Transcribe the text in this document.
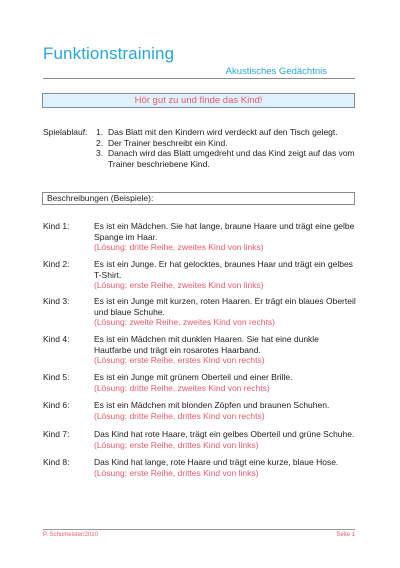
Funktionstraining
Akustisches Gedächtnis
Hör gut zu und finde das Kind!
Spielablauf: 1. Das Blatt mit den Kindern wird verdeckt auf den Tisch gelegt.
2. Der Trainer beschreibt ein Kind.
3. Danach wird das Blatt umgedreht und das Kind zeigt auf das vom Trainer beschriebene Kind.
Beschreibungen (Beispiele):
Kind 1:	Es ist ein Mädchen. Sie hat lange, braune Haare und trägt eine gelbe Spange im Haar.
(Lösung: dritte Reihe, zweites Kind von links)
Kind 2:	Es ist ein Junge. Er hat gelocktes, braunes Haar und trägt ein gelbes T-Shirt.
(Lösung: erste Reihe, zweites Kind von links)
Kind 3:	Es ist ein Junge mit kurzen, roten Haaren. Er trägt ein blaues Oberteil und blaue Schuhe.
(Lösung: zweite Reihe, zweites Kind von rechts)
Kind 4:	Es ist ein Mädchen mit dunklen Haaren. Sie hat eine dunkle Hautfarbe und trägt ein rosarotes Haarband.
(Lösung: erste Reihe, erstes Kind von rechts)
Kind 5:	Es ist ein Junge mit grünem Oberteil und einer Brille.
(Lösung: dritte Reihe, zweites Kind von rechts)
Kind 6:	Es ist ein Mädchen mit blonden Zöpfen und braunen Schuhen.
(Lösung: dritte Reihe, drittes Kind von rechts)
Kind 7:	Das Kind hat rote Haare, trägt ein gelbes Oberteil und grüne Schuhe.
(Lösung: erste Reihe, drittes Kind von links)
Kind 8:	Das Kind hat lange, rote Haare und trägt eine kurze, blaue Hose.
(Lösung: erste Reihe, drittes Kind von links)
P. Schumeister/2010	Seite 1
